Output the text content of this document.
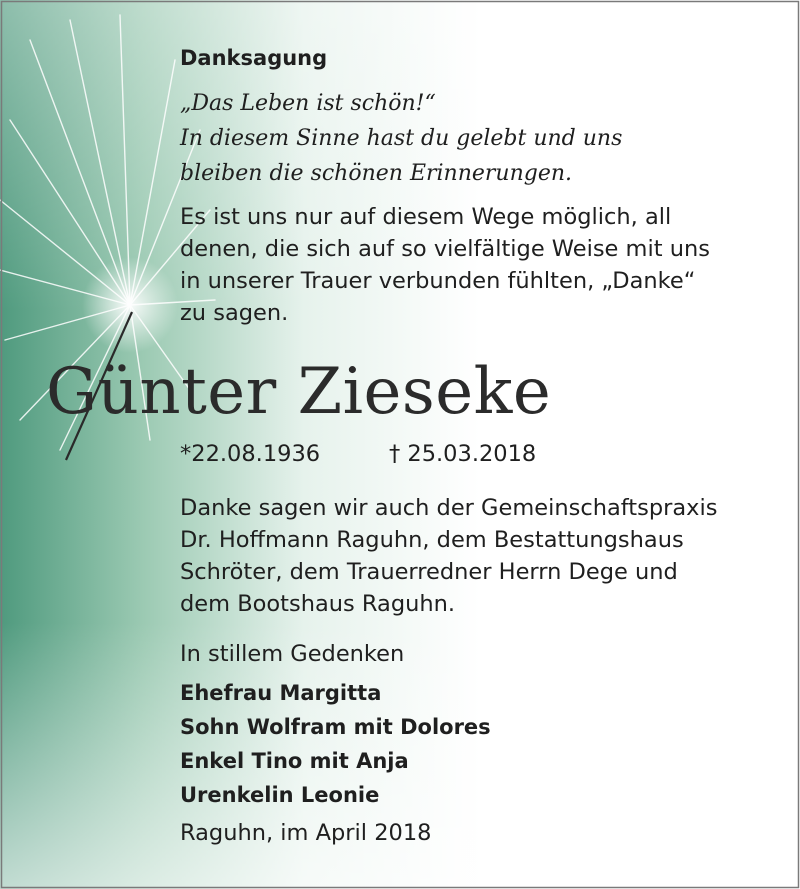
Danksagung
„Das Leben ist schön!“
In diesem Sinne hast du gelebt und uns
bleiben die schönen Erinnerungen.
Es ist uns nur auf diesem Wege möglich, all
denen, die sich auf so vielfältige Weise mit uns
in unserer Trauer verbunden fühlten, „Danke“
zu sagen.
Günter Zieseke
*22.08.1936	† 25.03.2018
Danke sagen wir auch der Gemeinschaftspraxis
Dr. Hoffmann Raguhn, dem Bestattungshaus
Schröter, dem Trauerredner Herrn Dege und
dem Bootshaus Raguhn.
In stillem Gedenken
Ehefrau Margitta
Sohn Wolfram mit Dolores
Enkel Tino mit Anja
Urenkelin Leonie
Raguhn, im April 2018
